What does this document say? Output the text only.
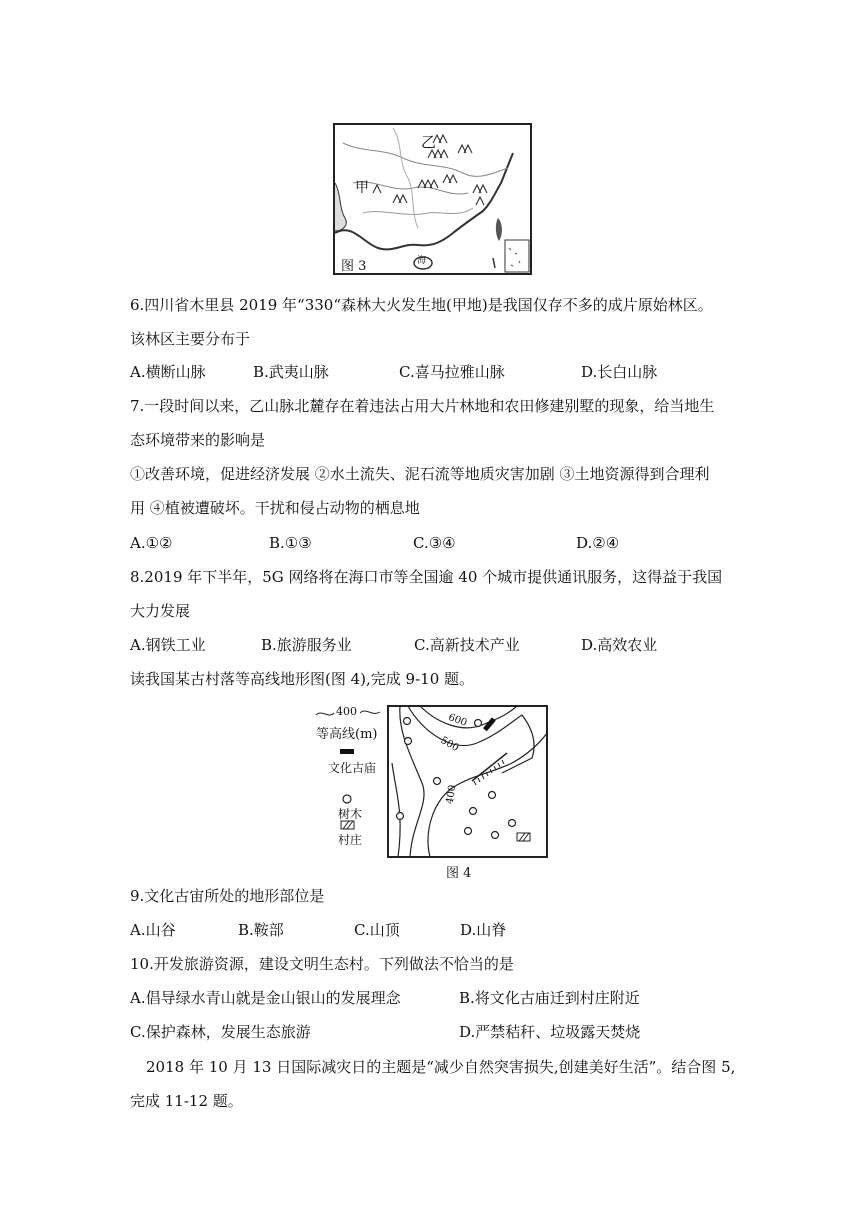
乙
甲
海
图 3
6.四川省木里县 2019 年“330“森林大火发生地(甲地)是我国仅存不多的成片原始林区。
该林区主要分布于
A.横断山脉	B.武夷山脉	C.喜马拉雅山脉	D.长白山脉
7.一段时间以来，乙山脉北麓存在着违法占用大片林地和农田修建别墅的现象，给当地生
态环境带来的影响是
①改善环境，促进经济发展 ②水土流失、泥石流等地质灾害加剧 ③土地资源得到合理利
用 ④植被遭破坏。干扰和侵占动物的栖息地
A.①②	B.①③	C.③④	D.②④
8.2019 年下半年，5G 网络将在海口市等全国逾 40 个城市提供通讯服务，这得益于我国
大力发展
A.钢铁工业	B.旅游服务业	C.高新技术产业	D.高效农业
读我国某古村落等高线地形图(图 4),完成 9-10 题。
400
等高线(m)
文化古庙
树木
村庄
600
500
400
图 4
9.文化古宙所处的地形部位是
A.山谷	B.鞍部	C.山顶	D.山脊
10.开发旅游资源，建设文明生态村。下列做法不恰当的是
A.倡导绿水青山就是金山银山的发展理念	B.将文化古庙迁到村庄附近
C.保护森林，发展生态旅游	D.严禁秸秆、垃圾露天焚烧
2018 年 10 月 13 日国际减灾日的主题是“减少自然突害损失,创建美好生活”。结合图 5,
完成 11-12 题。
